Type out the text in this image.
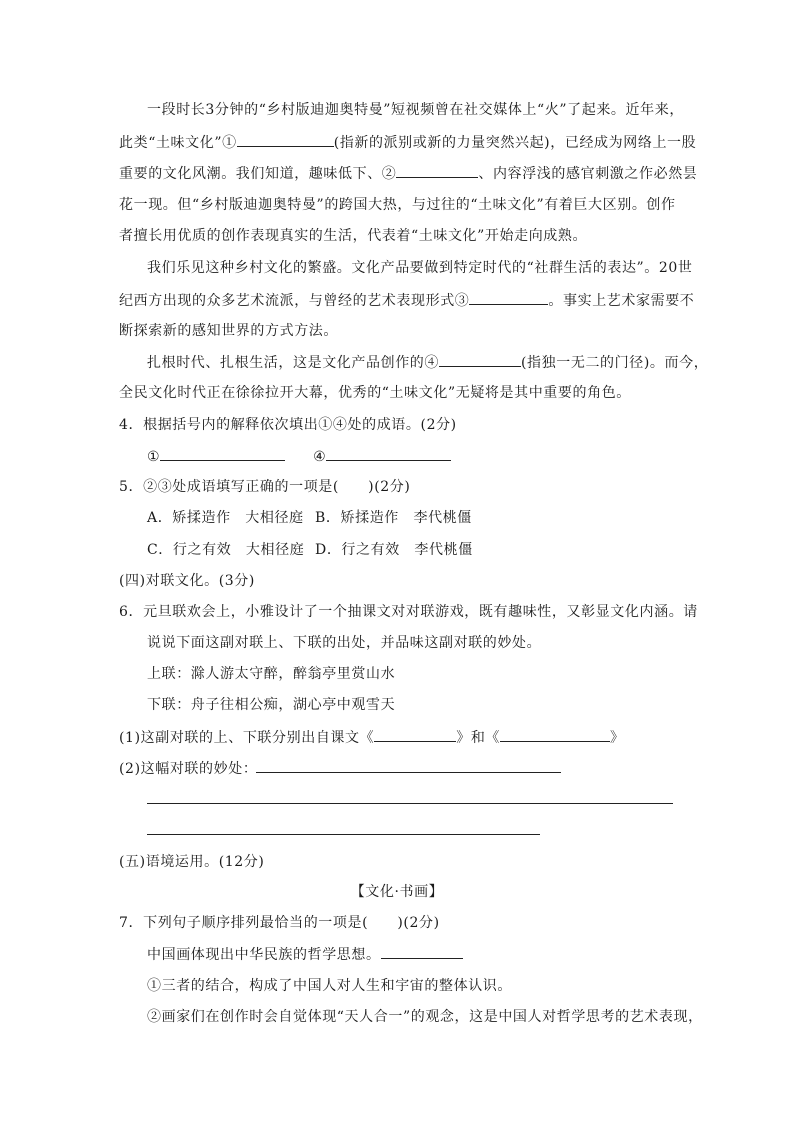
一段时长3分钟的“乡村版迪迦奥特曼”短视频曾在社交媒体上“火”了起来。近年来，
此类“土味文化”①	(指新的派别或新的力量突然兴起)，已经成为网络上一股
重要的文化风潮。我们知道，趣味低下、②	、内容浮浅的感官刺激之作必然昙
花一现。但“乡村版迪迦奥特曼”的跨国大热，与过往的“土味文化”有着巨大区别。创作
者擅长用优质的创作表现真实的生活，代表着“土味文化”开始走向成熟。
我们乐见这种乡村文化的繁盛。文化产品要做到特定时代的“社群生活的表达”。20世
纪西方出现的众多艺术流派，与曾经的艺术表现形式③	。事实上艺术家需要不
断探索新的感知世界的方式方法。
扎根时代、扎根生活，这是文化产品创作的④	(指独一无二的门径)。而今，
全民文化时代正在徐徐拉开大幕，优秀的“土味文化”无疑将是其中重要的角色。
4．根据括号内的解释依次填出①④处的成语。(2分)
①	④
5．②③处成语填写正确的一项是(　　)(2分)
A．矫揉造作　大相径庭 B．矫揉造作　李代桃僵
C．行之有效　大相径庭 D．行之有效　李代桃僵
(四)对联文化。(3分)
6．元旦联欢会上，小雅设计了一个抽课文对对联游戏，既有趣味性，又彰显文化内涵。请
说说下面这副对联上、下联的出处，并品味这副对联的妙处。
上联：滁人游太守醉，醉翁亭里赏山水
下联：舟子往相公痴，湖心亭中观雪天
(1)这副对联的上、下联分别出自课文《	》和《	》
(2)这幅对联的妙处：
(五)语境运用。(12分)
【文化·书画】
7．下列句子顺序排列最恰当的一项是(　　)(2分)
中国画体现出中华民族的哲学思想。
①三者的结合，构成了中国人对人生和宇宙的整体认识。
②画家们在创作时会自觉体现“天人合一”的观念，这是中国人对哲学思考的艺术表现，
